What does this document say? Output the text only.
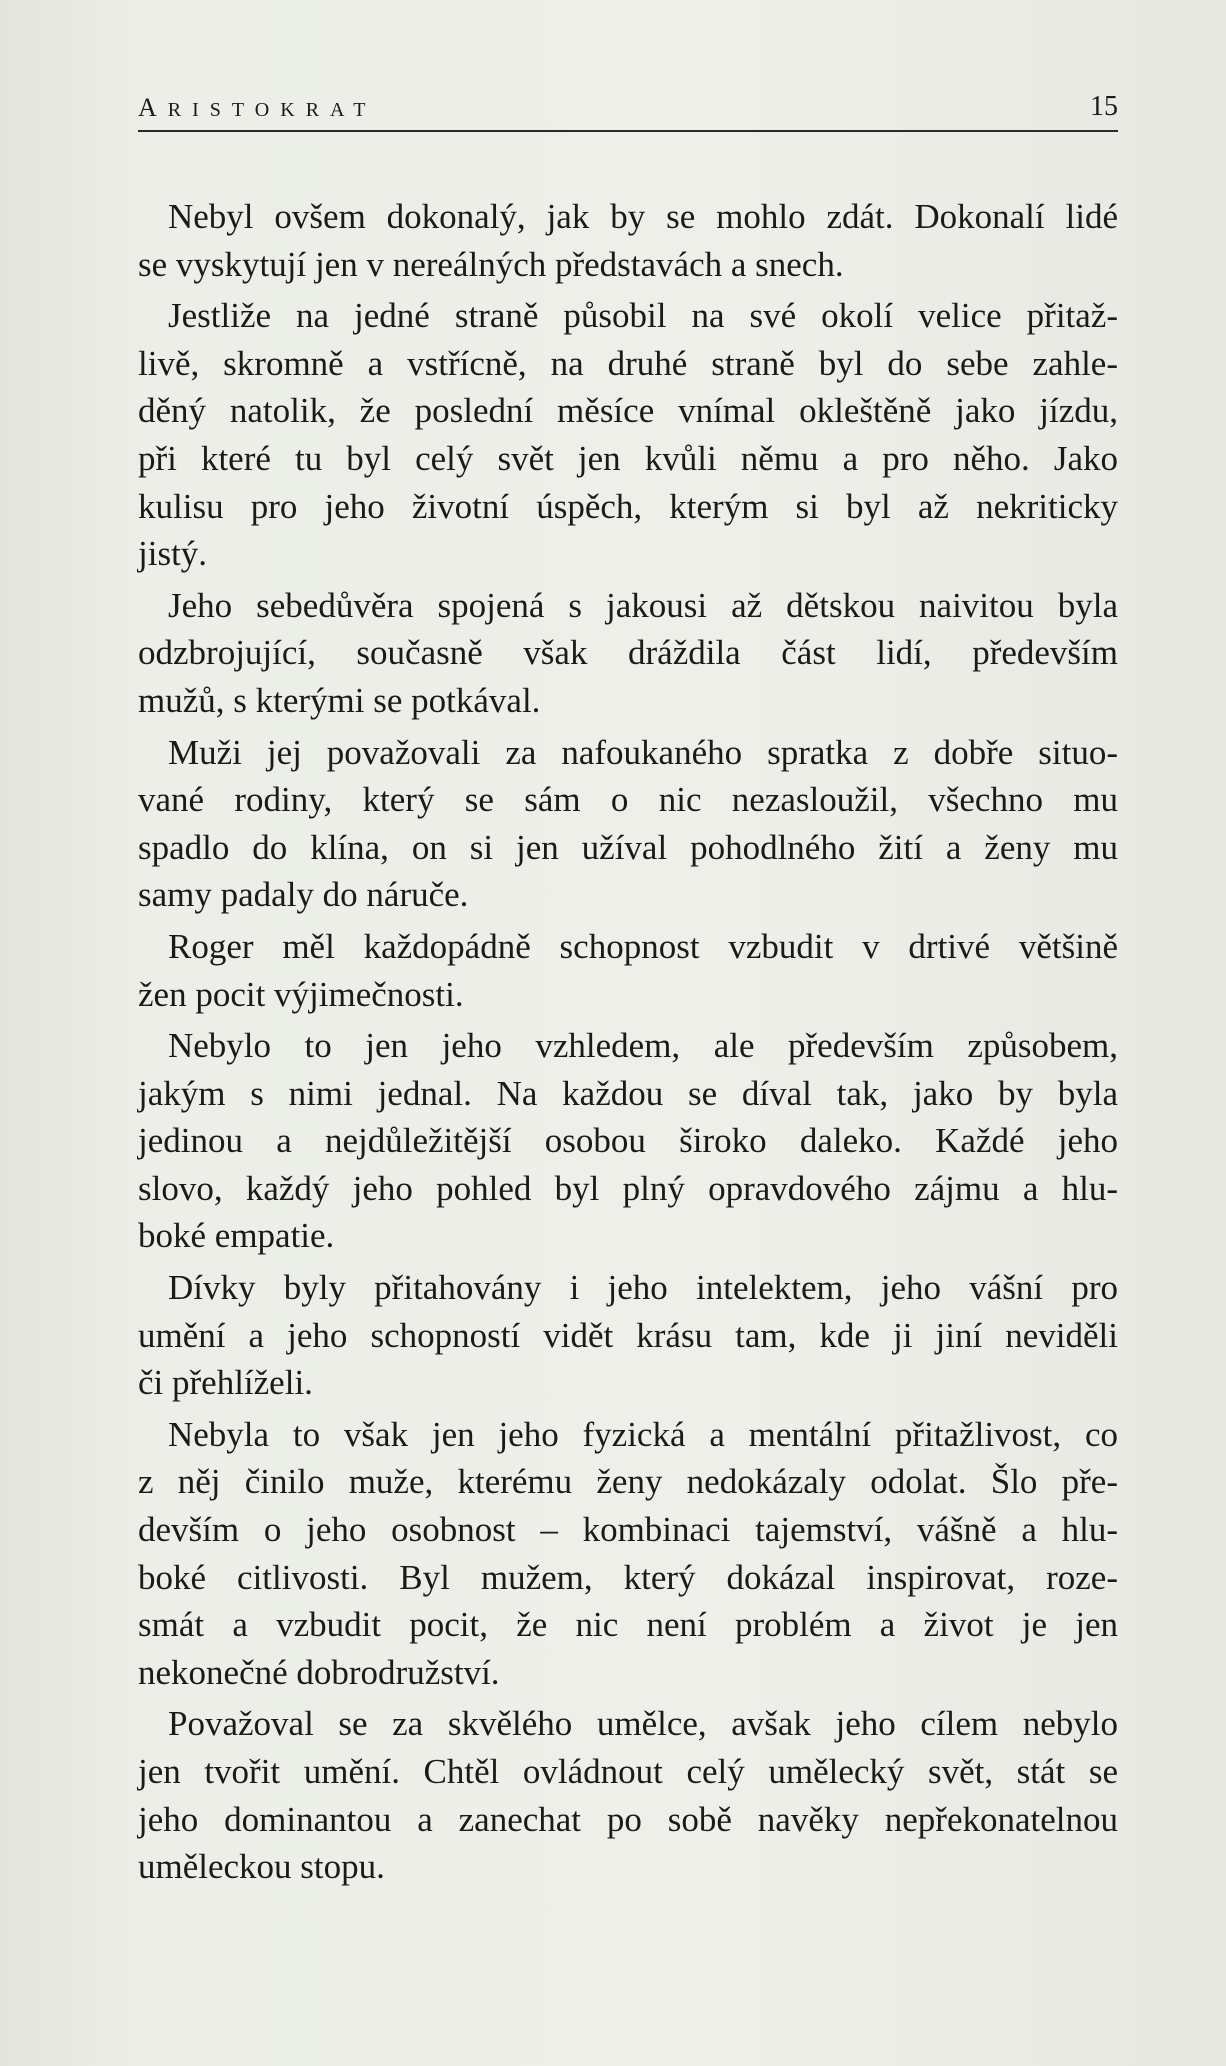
ARISTOKRAT	15
Nebyl ovšem dokonalý, jak by se mohlo zdát. Dokonalí lidé
se vyskytují jen v nereálných představách a snech.
Jestliže na jedné straně působil na své okolí velice přitaž-
livě, skromně a vstřícně, na druhé straně byl do sebe zahle-
děný natolik, že poslední měsíce vnímal okleštěně jako jízdu,
při které tu byl celý svět jen kvůli němu a pro něho. Jako
kulisu pro jeho životní úspěch, kterým si byl až nekriticky
jistý.
Jeho sebedůvěra spojená s jakousi až dětskou naivitou byla
odzbrojující, současně však dráždila část lidí, především
mužů, s kterými se potkával.
Muži jej považovali za nafoukaného spratka z dobře situo-
vané rodiny, který se sám o nic nezasloužil, všechno mu
spadlo do klína, on si jen užíval pohodlného žití a ženy mu
samy padaly do náruče.
Roger měl každopádně schopnost vzbudit v drtivé většině
žen pocit výjimečnosti.
Nebylo to jen jeho vzhledem, ale především způsobem,
jakým s nimi jednal. Na každou se díval tak, jako by byla
jedinou a nejdůležitější osobou široko daleko. Každé jeho
slovo, každý jeho pohled byl plný opravdového zájmu a hlu-
boké empatie.
Dívky byly přitahovány i jeho intelektem, jeho vášní pro
umění a jeho schopností vidět krásu tam, kde ji jiní neviděli
či přehlíželi.
Nebyla to však jen jeho fyzická a mentální přitažlivost, co
z něj činilo muže, kterému ženy nedokázaly odolat. Šlo pře-
devším o jeho osobnost – kombinaci tajemství, vášně a hlu-
boké citlivosti. Byl mužem, který dokázal inspirovat, roze-
smát a vzbudit pocit, že nic není problém a život je jen
nekonečné dobrodružství.
Považoval se za skvělého umělce, avšak jeho cílem nebylo
jen tvořit umění. Chtěl ovládnout celý umělecký svět, stát se
jeho dominantou a zanechat po sobě navěky nepřekonatelnou
uměleckou stopu.
